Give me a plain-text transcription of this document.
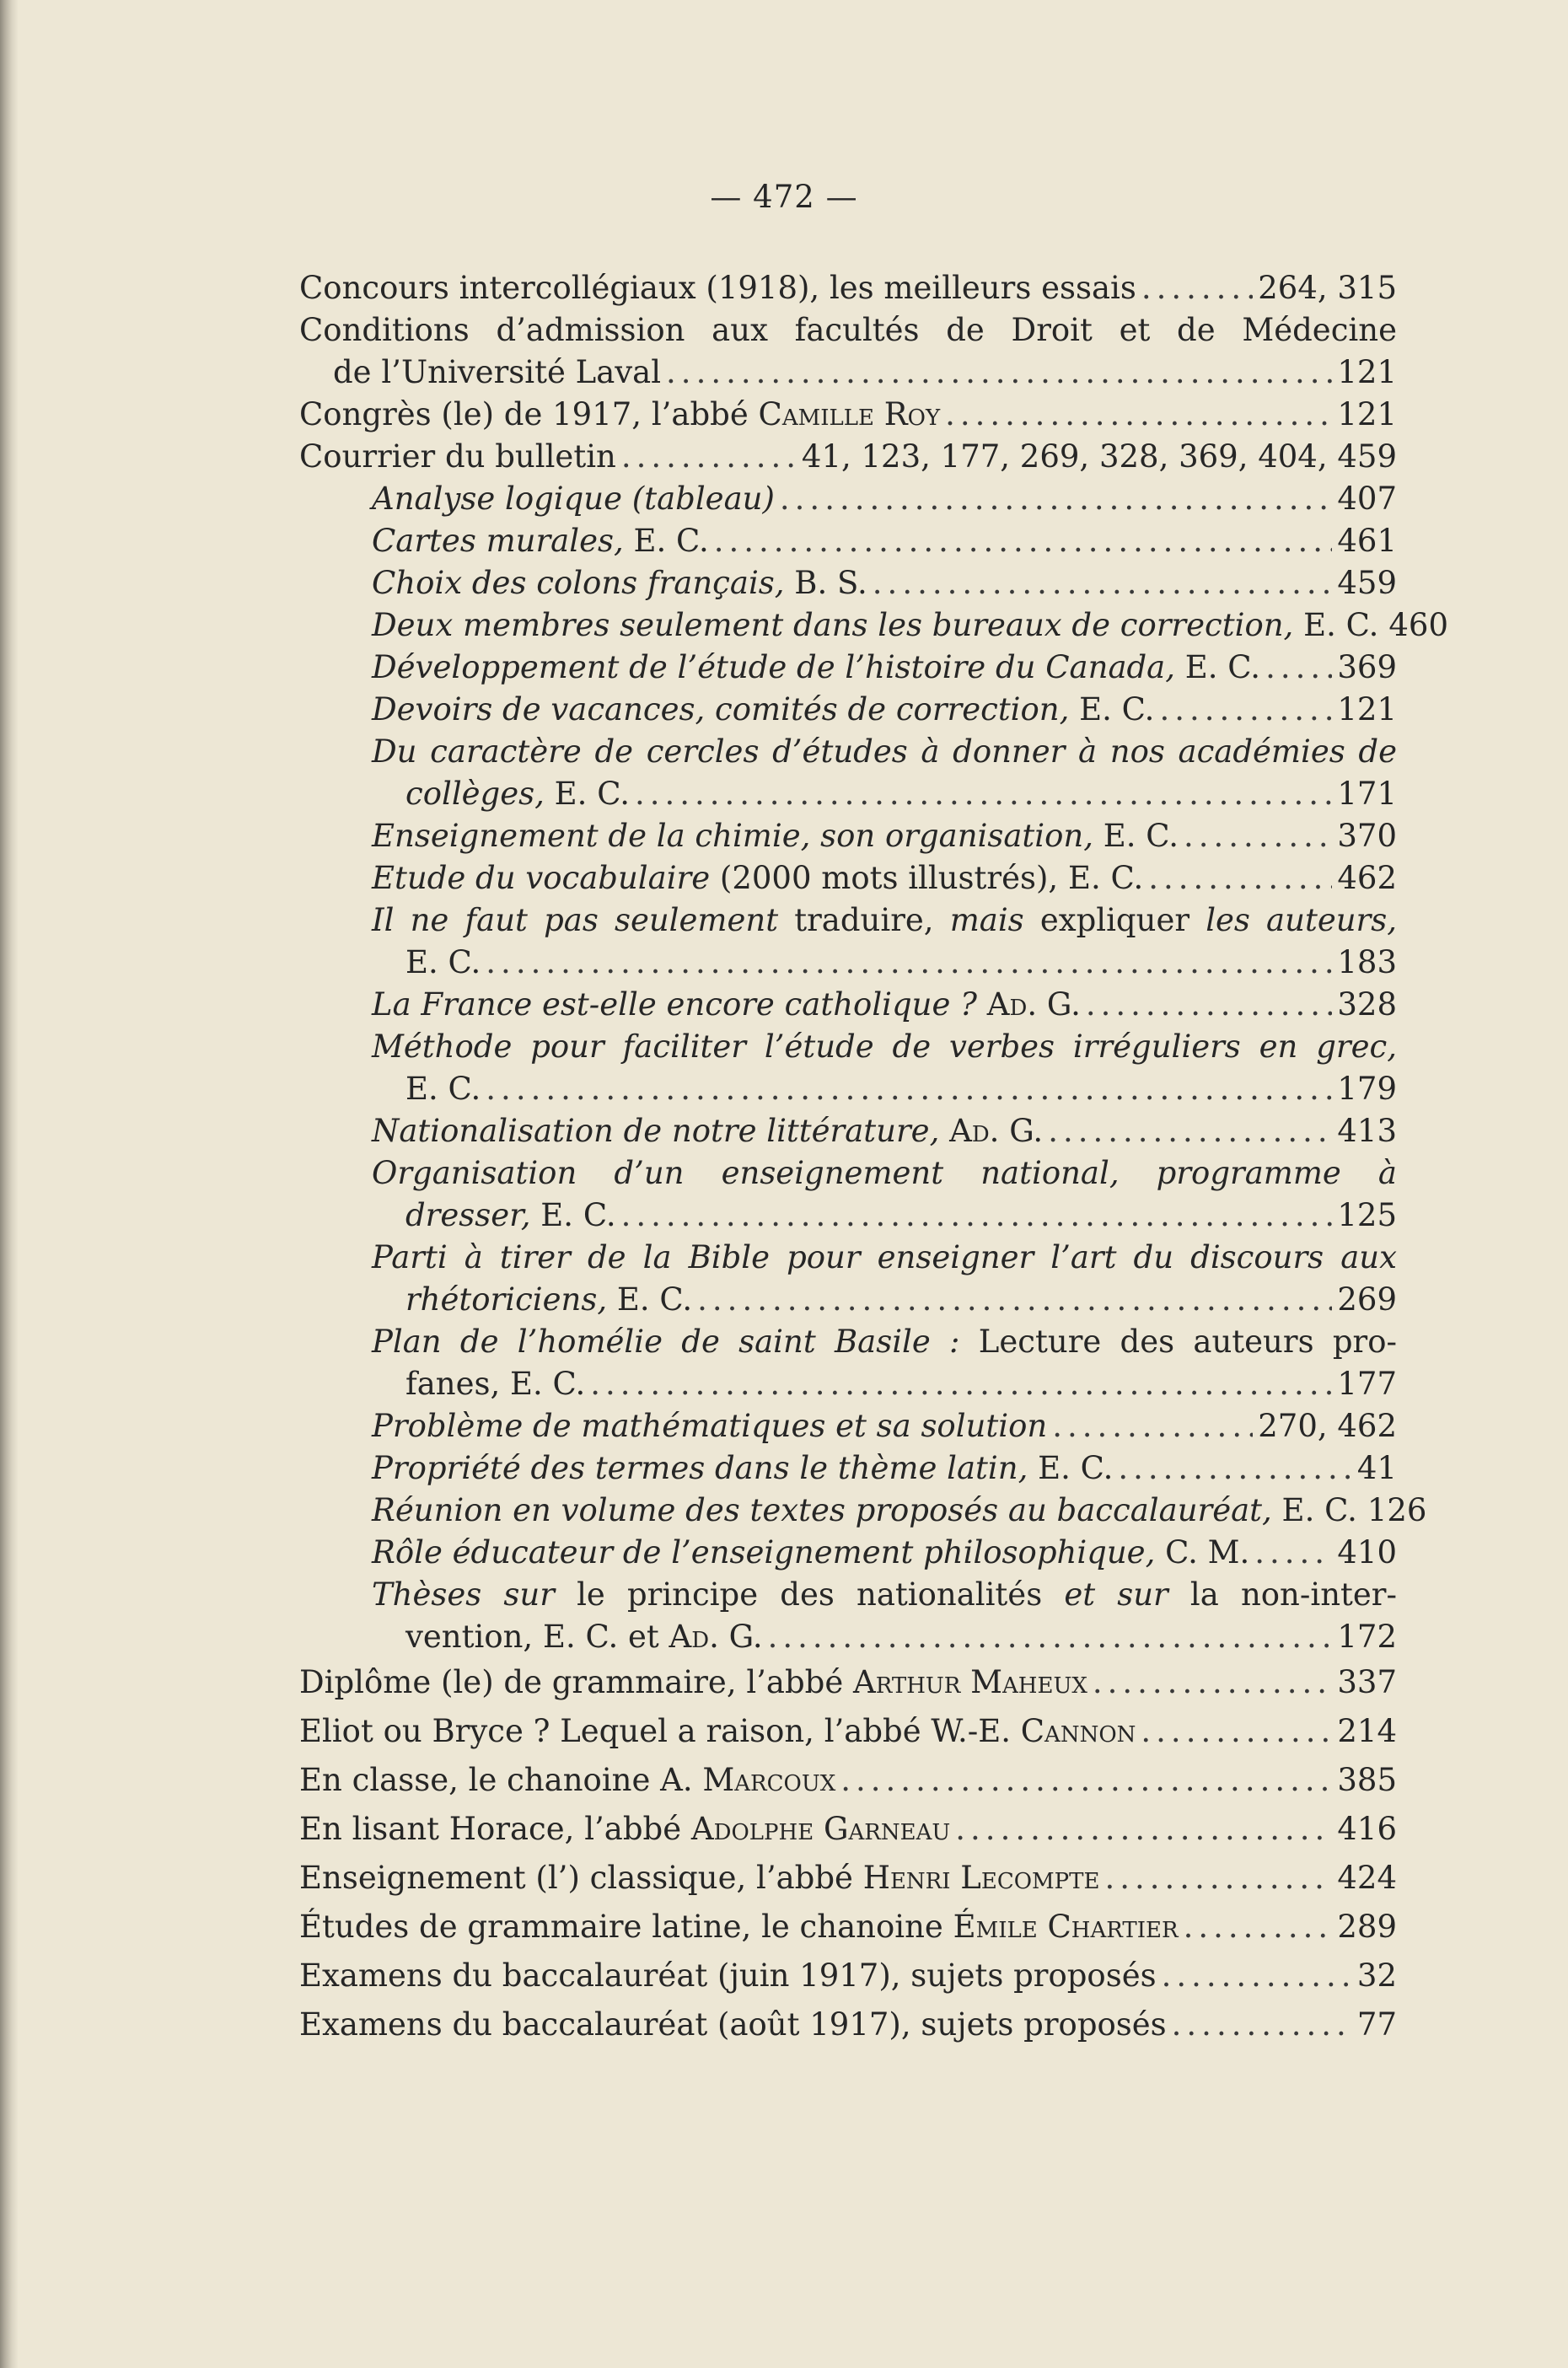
— 472 —
Concours intercollégiaux (1918), les meilleurs essais .....	264, 315
Conditions d’admission aux facultés de Droit et de Médecine
de l’Université Laval .....	121
Congrès (le) de 1917, l’abbé Camille Roy .....	121
Courrier du bulletin .....	41, 123, 177, 269, 328, 369, 404, 459
Analyse logique (tableau) .....	407
Cartes murales, E. C. .....	461
Choix des colons français, B. S. .....	459
Deux membres seulement dans les bureaux de correction, E. C. 460
Développement de l’étude de l’histoire du Canada, E. C. ..... 369
Devoirs de vacances, comités de correction, E. C. .....	121
Du caractère de cercles d’études à donner à nos académies de
collèges, E. C. .....	171
Enseignement de la chimie, son organisation, E. C. .....	370
Etude du vocabulaire (2000 mots illustrés), E. C. .....	462
Il ne faut pas seulement traduire, mais expliquer les auteurs,
E. C. .....	183
La France est-elle encore catholique ? Ad. G. .....	328
Méthode pour faciliter l’étude de verbes irréguliers en grec,
E. C. .....	179
Nationalisation de notre littérature, Ad. G. .....	413
Organisation d’un enseignement national, programme à
dresser, E. C. .....	125
Parti à tirer de la Bible pour enseigner l’art du discours aux
rhétoriciens, E. C. .....	269
Plan de l’homélie de saint Basile : Lecture des auteurs pro-
fanes, E. C. .....	177
Problème de mathématiques et sa solution .....	270, 462
Propriété des termes dans le thème latin, E. C. .....	41
Réunion en volume des textes proposés au baccalauréat, E. C. 126
Rôle éducateur de l’enseignement philosophique, C. M. .....	410
Thèses sur le principe des nationalités et sur la non-inter-
vention, E. C. et Ad. G. .....	172
Diplôme (le) de grammaire, l’abbé Arthur Maheux .....	337
Eliot ou Bryce ? Lequel a raison, l’abbé W.-E. Cannon .....	214
En classe, le chanoine A. Marcoux .....	385
En lisant Horace, l’abbé Adolphe Garneau .....	416
Enseignement (l’) classique, l’abbé Henri Lecompte .....	424
Études de grammaire latine, le chanoine Émile Chartier .....	289
Examens du baccalauréat (juin 1917), sujets proposés .....	32
Examens du baccalauréat (août 1917), sujets proposés .....	77
